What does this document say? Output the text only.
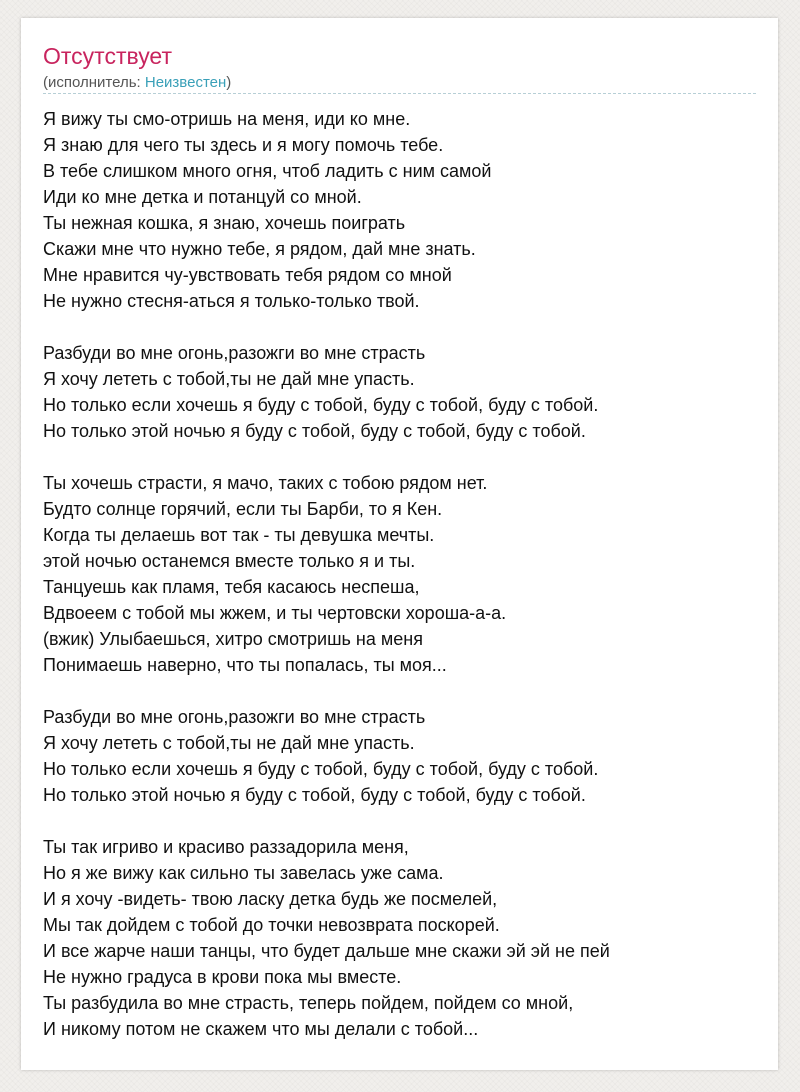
Отсутствует
(исполнитель: Неизвестен)
Я вижу ты смо-отришь на меня, иди ко мне.
Я знаю для чего ты здесь и я могу помочь тебе.
В тебе слишком много огня, чтоб ладить с ним самой
Иди ко мне детка и потанцуй со мной.
Ты нежная кошка, я знаю, хочешь поиграть
Скажи мне что нужно тебе, я рядом, дай мне знать.
Мне нравится чу-увствовать тебя рядом со мной
Не нужно стесня-аться я только-только твой.
Разбуди во мне огонь,разожги во мне страсть
Я хочу лететь с тобой,ты не дай мне упасть.
Но только если хочешь я буду с тобой, буду с тобой, буду с тобой.
Но только этой ночью я буду с тобой, буду с тобой, буду с тобой.
Ты хочешь страсти, я мачо, таких с тобою рядом нет.
Будто солнце горячий, если ты Барби, то я Кен.
Когда ты делаешь вот так - ты девушка мечты.
этой ночью останемся вместе только я и ты.
Танцуешь как пламя, тебя касаюсь неспеша,
Вдвоеем с тобой мы жжем, и ты чертовски хороша-а-а.
(вжик) Улыбаешься, хитро смотришь на меня
Понимаешь наверно, что ты попалась, ты моя...
Разбуди во мне огонь,разожги во мне страсть
Я хочу лететь с тобой,ты не дай мне упасть.
Но только если хочешь я буду с тобой, буду с тобой, буду с тобой.
Но только этой ночью я буду с тобой, буду с тобой, буду с тобой.
Ты так игриво и красиво раззадорила меня,
Но я же вижу как сильно ты завелась уже сама.
И я хочу -видеть- твою ласку детка будь же посмелей,
Мы так дойдем с тобой до точки невозврата поскорей.
И все жарче наши танцы, что будет дальше мне скажи эй эй не пей
Не нужно градуса в крови пока мы вместе.
Ты разбудила во мне страсть, теперь пойдем, пойдем со мной,
И никому потом не скажем что мы делали с тобой...
